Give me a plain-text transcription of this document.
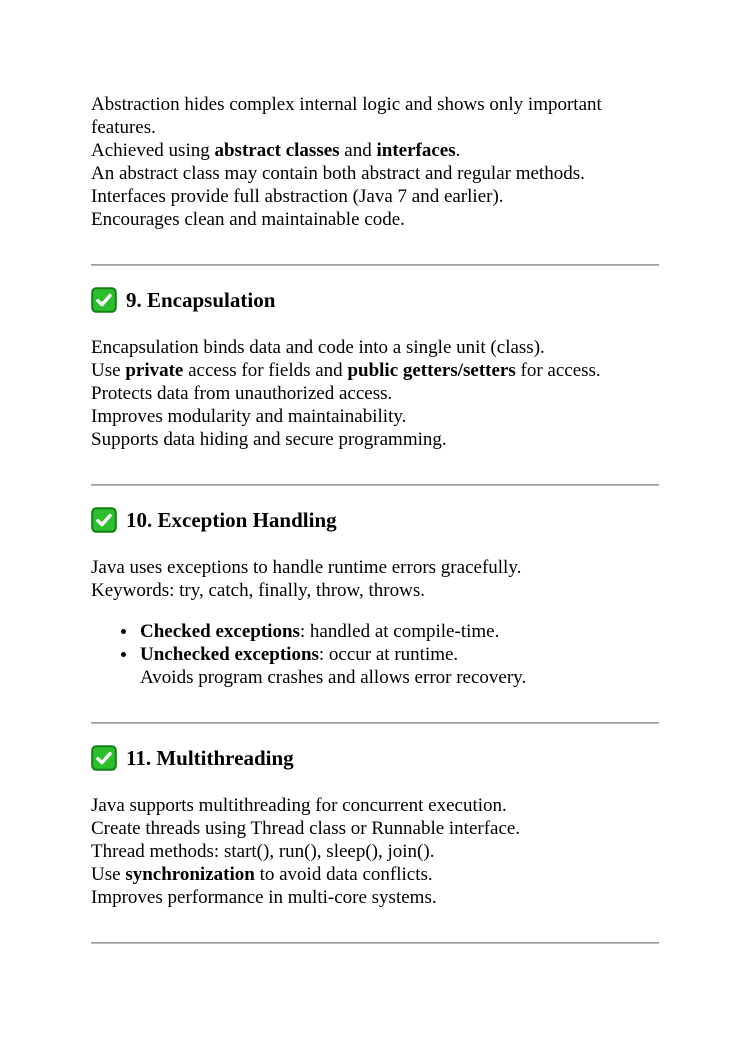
Abstraction hides complex internal logic and shows only important
features.
Achieved using abstract classes and interfaces.
An abstract class may contain both abstract and regular methods.
Interfaces provide full abstraction (Java 7 and earlier).
Encourages clean and maintainable code.
9. Encapsulation
Encapsulation binds data and code into a single unit (class).
Use private access for fields and public getters/setters for access.
Protects data from unauthorized access.
Improves modularity and maintainability.
Supports data hiding and secure programming.
10. Exception Handling
Java uses exceptions to handle runtime errors gracefully.
Keywords: try, catch, finally, throw, throws.
Checked exceptions: handled at compile-time.
Unchecked exceptions: occur at runtime.
Avoids program crashes and allows error recovery.
11. Multithreading
Java supports multithreading for concurrent execution.
Create threads using Thread class or Runnable interface.
Thread methods: start(), run(), sleep(), join().
Use synchronization to avoid data conflicts.
Improves performance in multi-core systems.
